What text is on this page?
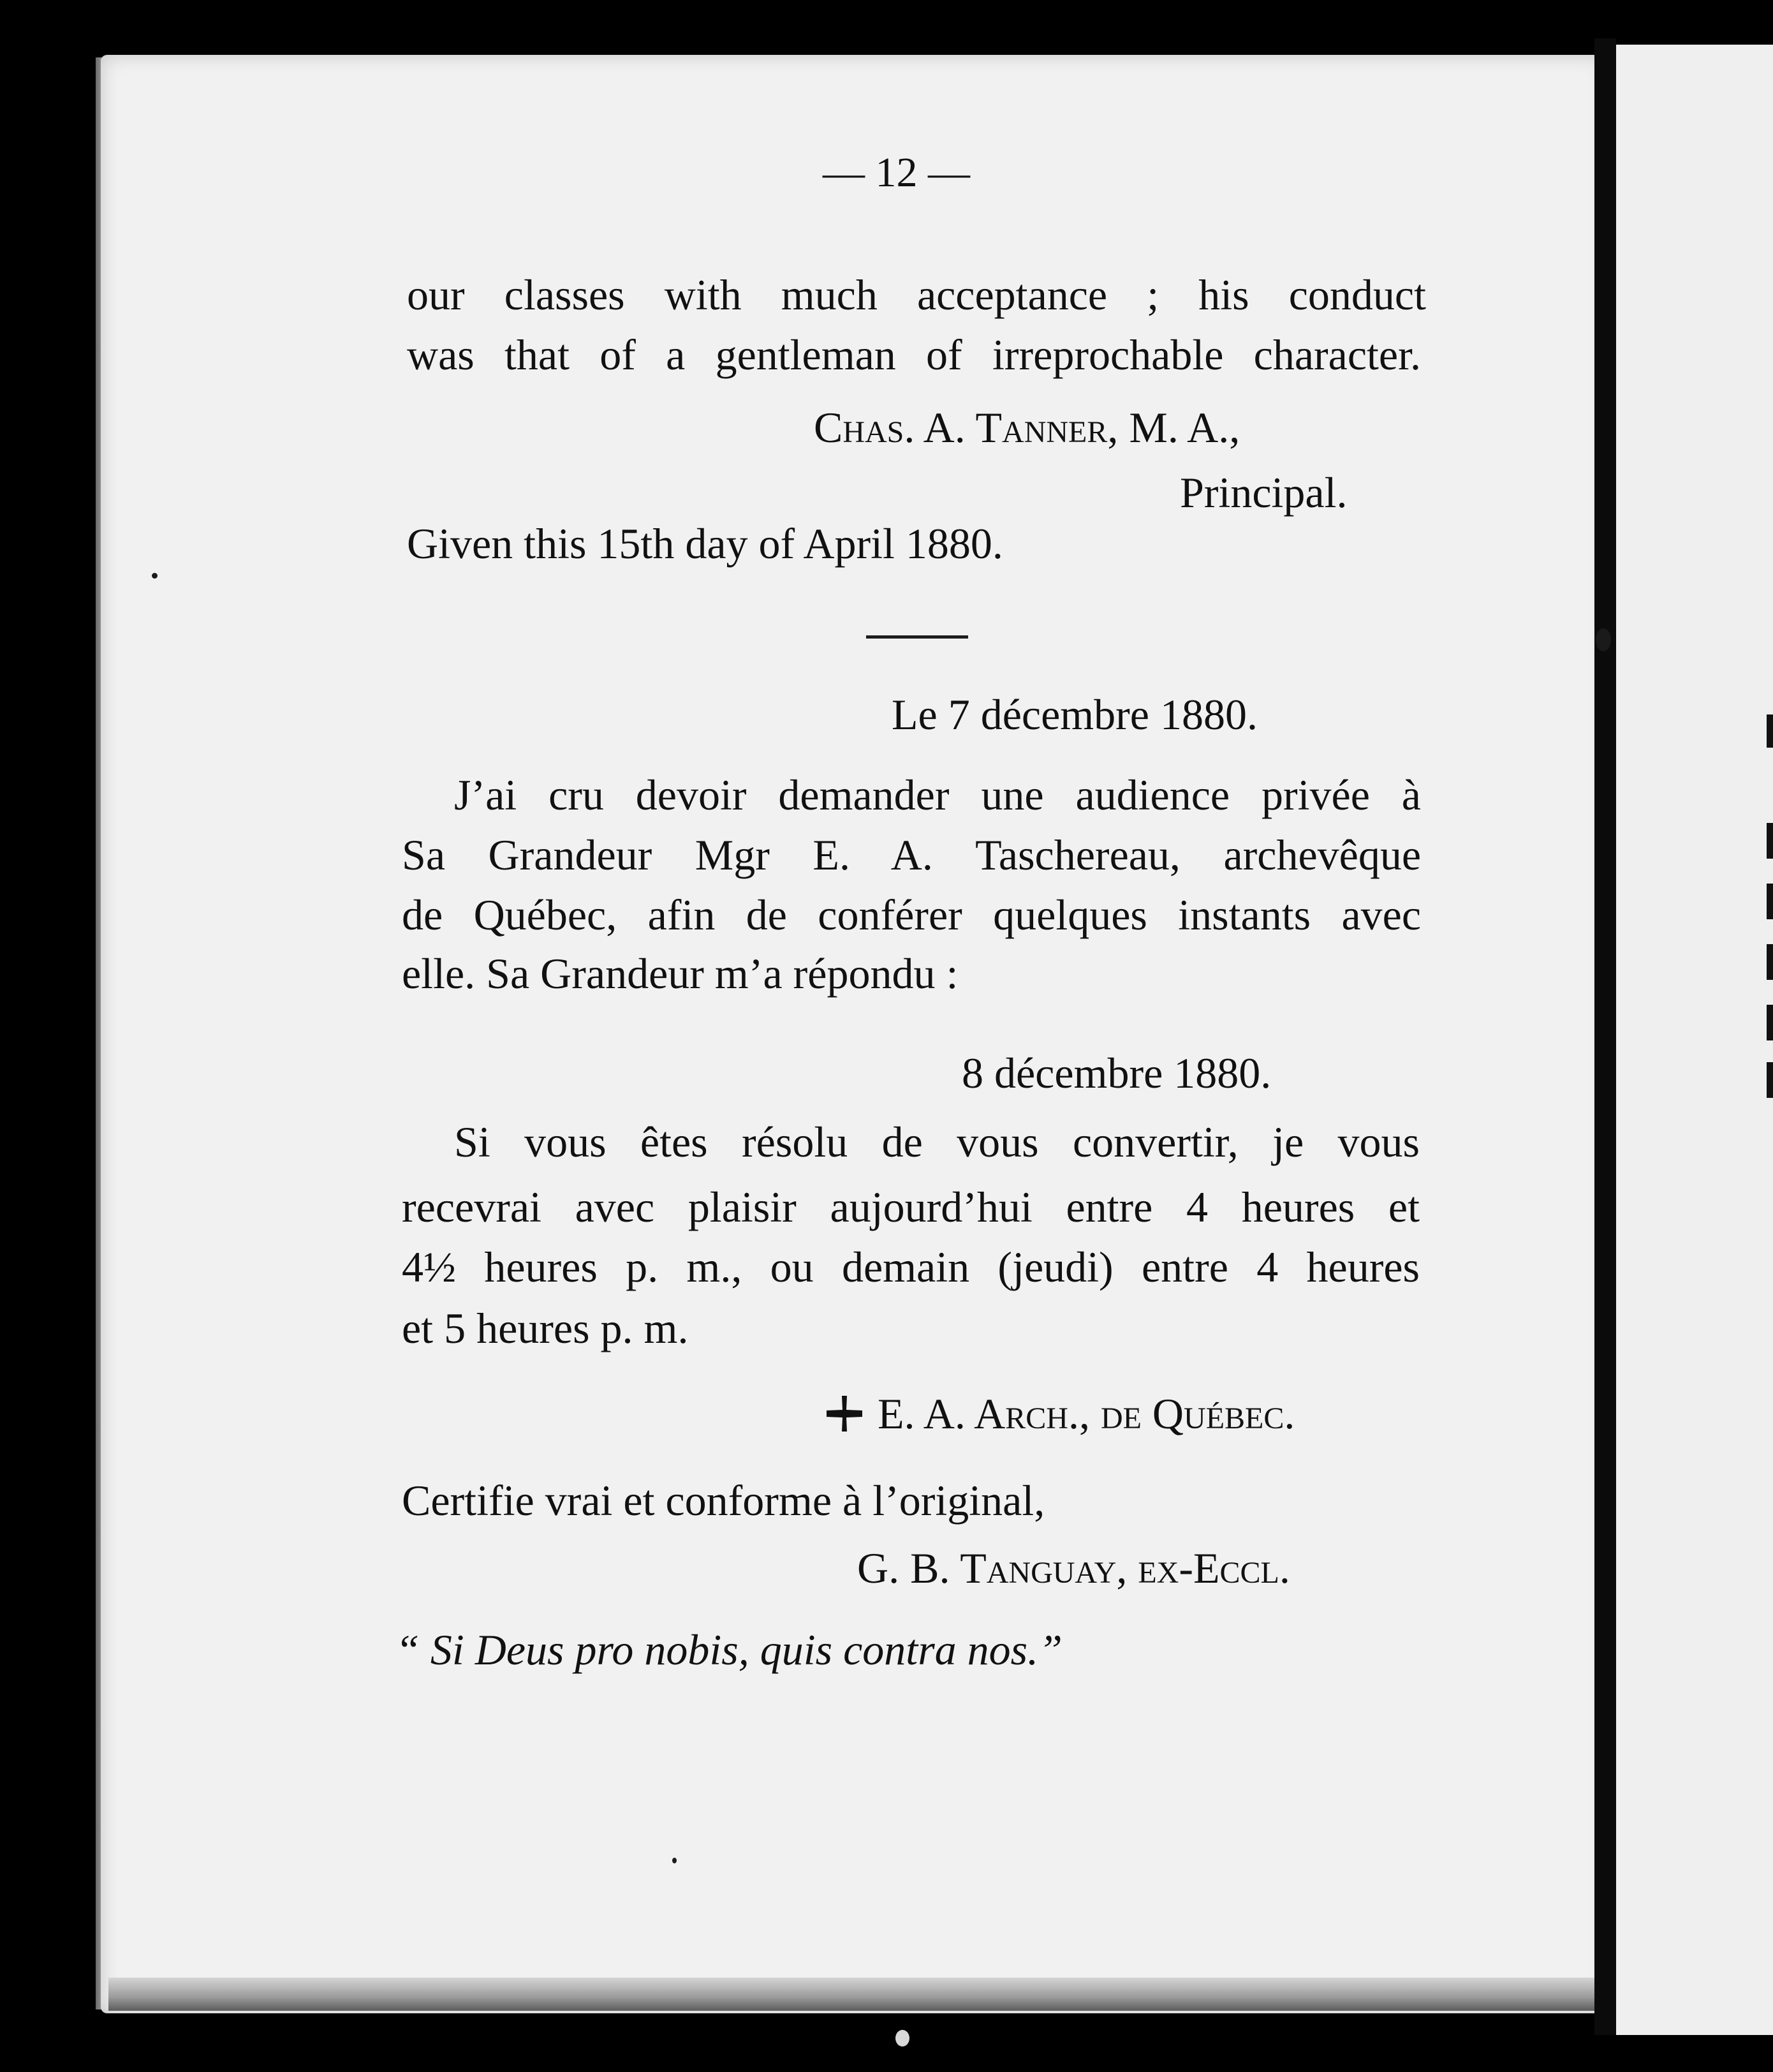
— 12 —

our classes with much acceptance ; his conduct

was that of a gentleman of irreprochable character.

Chas. A. Tanner, M. A.,

Principal.

Given this 15th day of April 1880.

Le 7 décembre 1880.

J’ai cru devoir demander une audience privée à

Sa Grandeur Mgr E. A. Taschereau, archevêque

de Québec, afin de conférer quelques instants avec

elle. Sa Grandeur m’a répondu :

8 décembre 1880.

Si vous êtes résolu de vous convertir, je vous

recevrai avec plaisir aujourd’hui entre 4 heures et

4½ heures p. m., ou demain (jeudi) entre 4 heures

et 5 heures p. m.

E. A. Arch., de Québec.

Certifie vrai et conforme à l’original,

G. B. Tanguay, ex-Eccl.

“ Si Deus pro nobis, quis contra nos.”
